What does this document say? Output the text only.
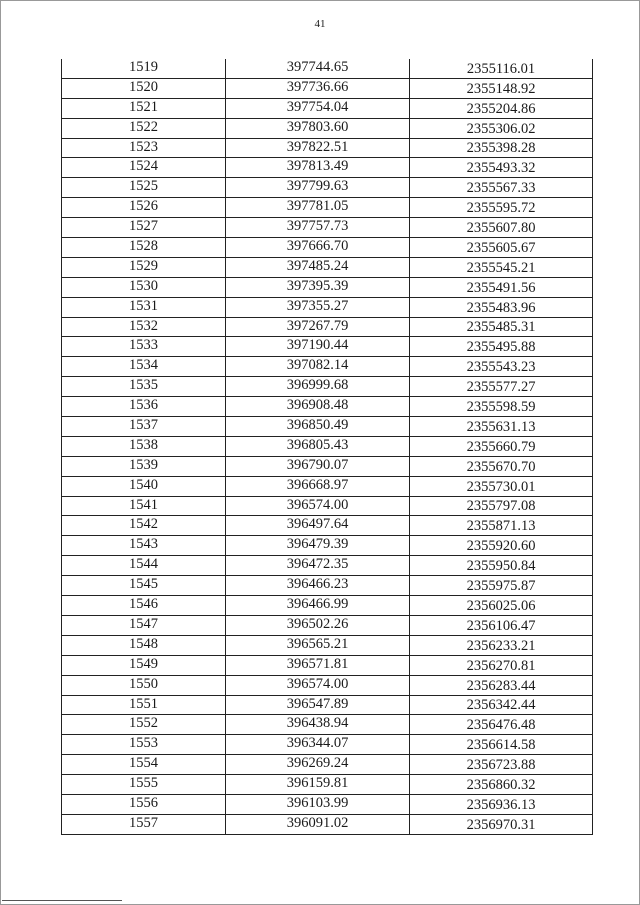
41
1519	397744.65	2355116.01
1520	397736.66	2355148.92
1521	397754.04	2355204.86
1522	397803.60	2355306.02
1523	397822.51	2355398.28
1524	397813.49	2355493.32
1525	397799.63	2355567.33
1526	397781.05	2355595.72
1527	397757.73	2355607.80
1528	397666.70	2355605.67
1529	397485.24	2355545.21
1530	397395.39	2355491.56
1531	397355.27	2355483.96
1532	397267.79	2355485.31
1533	397190.44	2355495.88
1534	397082.14	2355543.23
1535	396999.68	2355577.27
1536	396908.48	2355598.59
1537	396850.49	2355631.13
1538	396805.43	2355660.79
1539	396790.07	2355670.70
1540	396668.97	2355730.01
1541	396574.00	2355797.08
1542	396497.64	2355871.13
1543	396479.39	2355920.60
1544	396472.35	2355950.84
1545	396466.23	2355975.87
1546	396466.99	2356025.06
1547	396502.26	2356106.47
1548	396565.21	2356233.21
1549	396571.81	2356270.81
1550	396574.00	2356283.44
1551	396547.89	2356342.44
1552	396438.94	2356476.48
1553	396344.07	2356614.58
1554	396269.24	2356723.88
1555	396159.81	2356860.32
1556	396103.99	2356936.13
1557	396091.02	2356970.31
